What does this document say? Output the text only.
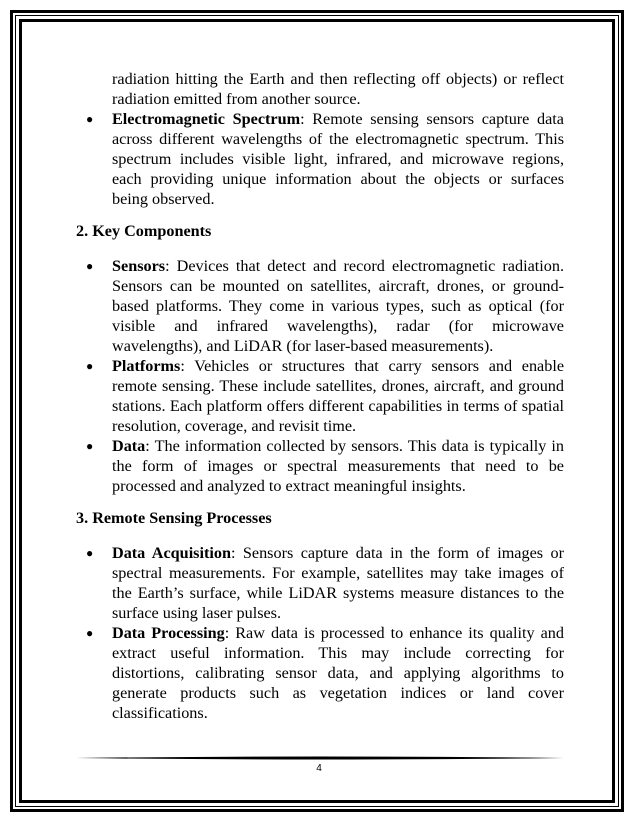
radiation hitting the Earth and then reflecting off objects) or reflect radiation emitted from another source.
● Electromagnetic Spectrum: Remote sensing sensors capture data across different wavelengths of the electromagnetic spectrum. This spectrum includes visible light, infrared, and microwave regions, each providing unique information about the objects or surfaces being observed.
2. Key Components
● Sensors: Devices that detect and record electromagnetic radiation. Sensors can be mounted on satellites, aircraft, drones, or ground-based platforms. They come in various types, such as optical (for visible and infrared wavelengths), radar (for microwave wavelengths), and LiDAR (for laser-based measurements).
● Platforms: Vehicles or structures that carry sensors and enable remote sensing. These include satellites, drones, aircraft, and ground stations. Each platform offers different capabilities in terms of spatial resolution, coverage, and revisit time.
● Data: The information collected by sensors. This data is typically in the form of images or spectral measurements that need to be processed and analyzed to extract meaningful insights.
3. Remote Sensing Processes
● Data Acquisition: Sensors capture data in the form of images or spectral measurements. For example, satellites may take images of the Earth’s surface, while LiDAR systems measure distances to the surface using laser pulses.
● Data Processing: Raw data is processed to enhance its quality and extract useful information. This may include correcting for distortions, calibrating sensor data, and applying algorithms to generate products such as vegetation indices or land cover classifications.
4
